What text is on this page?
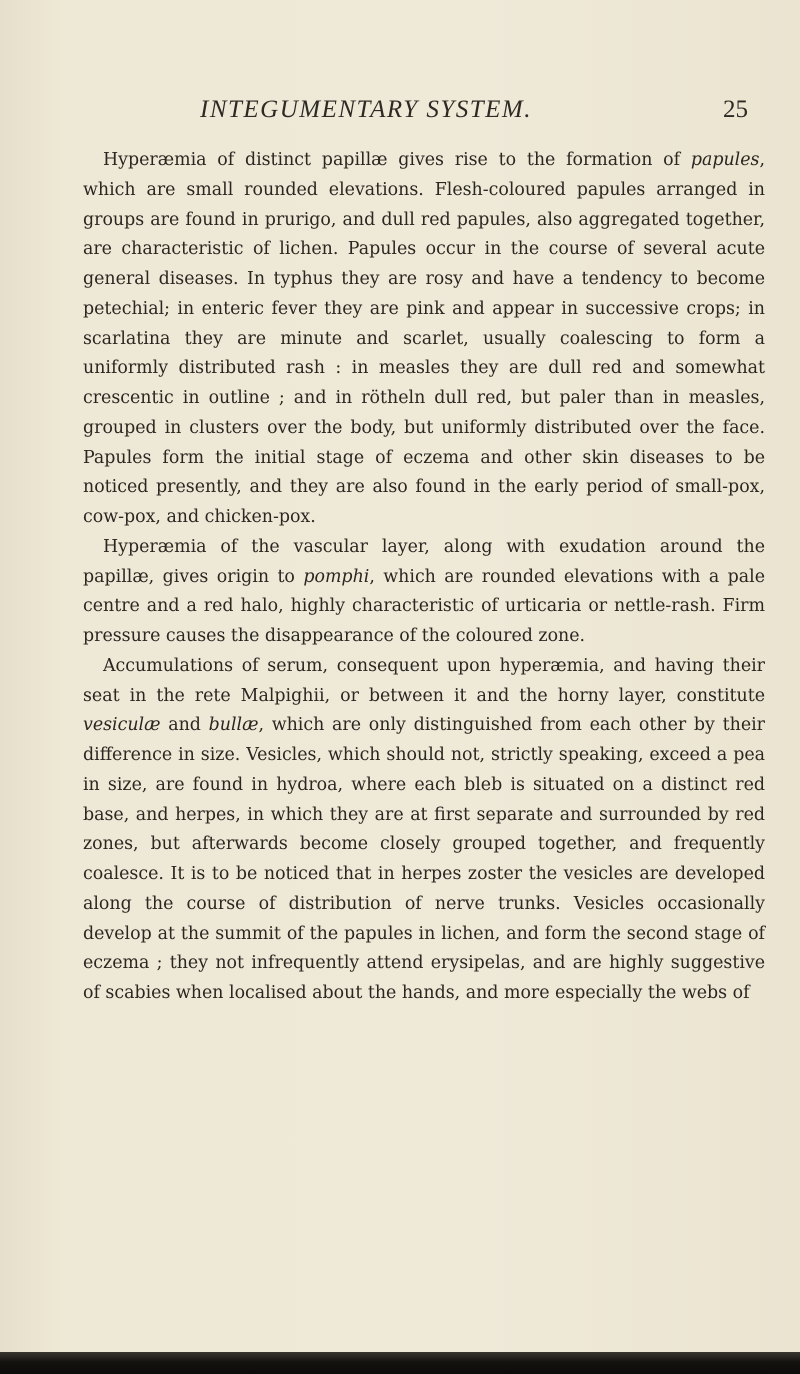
INTEGUMENTARY SYSTEM.	25

Hyperæmia of distinct papillæ gives rise to the formation of papules, which are small rounded elevations. Flesh-coloured papules arranged in groups are found in prurigo, and dull red papules, also aggregated together, are characteristic of lichen. Papules occur in the course of several acute general diseases. In typhus they are rosy and have a tendency to become petechial; in enteric fever they are pink and appear in successive crops; in scarlatina they are minute and scarlet, usually coalescing to form a uniformly distributed rash : in measles they are dull red and somewhat crescentic in outline ; and in rötheln dull red, but paler than in measles, grouped in clusters over the body, but uniformly distributed over the face. Papules form the initial stage of eczema and other skin diseases to be noticed presently, and they are also found in the early period of small-pox, cow-pox, and chicken-pox.

Hyperæmia of the vascular layer, along with exudation around the papillæ, gives origin to pomphi, which are rounded elevations with a pale centre and a red halo, highly characteristic of urticaria or nettle-rash. Firm pressure causes the disappearance of the coloured zone.

Accumulations of serum, consequent upon hyperæmia, and having their seat in the rete Malpighii, or between it and the horny layer, constitute vesiculæ and bullæ, which are only distinguished from each other by their difference in size. Vesicles, which should not, strictly speaking, exceed a pea in size, are found in hydroa, where each bleb is situated on a distinct red base, and herpes, in which they are at first separate and surrounded by red zones, but afterwards become closely grouped together, and frequently coalesce. It is to be noticed that in herpes zoster the vesicles are developed along the course of distribution of nerve trunks. Vesicles occasionally develop at the summit of the papules in lichen, and form the second stage of eczema ; they not infrequently attend erysipelas, and are highly suggestive of scabies when localised about the hands, and more especially the webs of
